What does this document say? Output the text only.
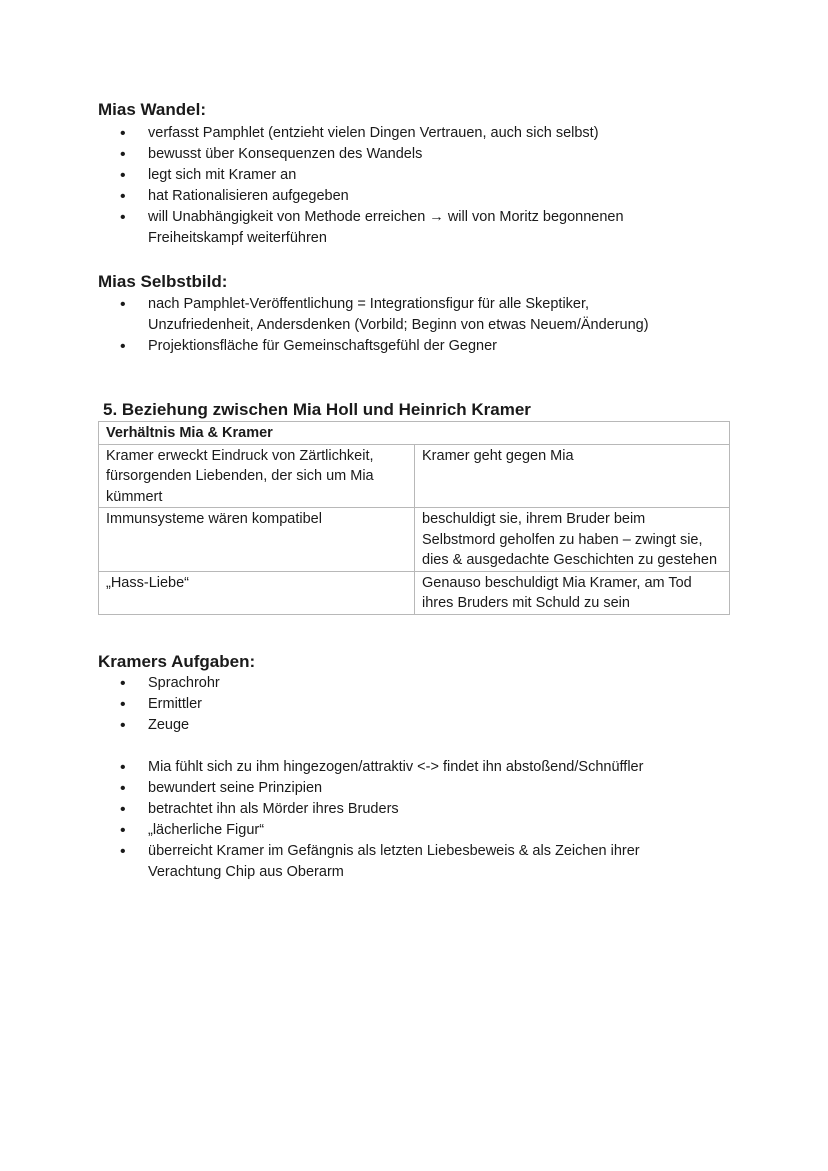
Mias Wandel:
• verfasst Pamphlet (entzieht vielen Dingen Vertrauen, auch sich selbst)
• bewusst über Konsequenzen des Wandels
• legt sich mit Kramer an
• hat Rationalisieren aufgegeben
• will Unabhängigkeit von Methode erreichen → will von Moritz begonnenen Freiheitskampf weiterführen
Mias Selbstbild:
• nach Pamphlet-Veröffentlichung = Integrationsfigur für alle Skeptiker, Unzufriedenheit, Andersdenken (Vorbild; Beginn von etwas Neuem/Änderung)
• Projektionsfläche für Gemeinschaftsgefühl der Gegner
5. Beziehung zwischen Mia Holl und Heinrich Kramer
Verhältnis Mia & Kramer	
Kramer erweckt Eindruck von Zärtlichkeit, fürsorgenden Liebenden, der sich um Mia kümmert	Kramer geht gegen Mia
Immunsysteme wären kompatibel	beschuldigt sie, ihrem Bruder beim Selbstmord geholfen zu haben – zwingt sie, dies & ausgedachte Geschichten zu gestehen
„Hass-Liebe“	Genauso beschuldigt Mia Kramer, am Tod ihres Bruders mit Schuld zu sein
Kramers Aufgaben:
• Sprachrohr
• Ermittler
• Zeuge
• Mia fühlt sich zu ihm hingezogen/attraktiv <-> findet ihn abstoßend/Schnüffler
• bewundert seine Prinzipien
• betrachtet ihn als Mörder ihres Bruders
• „lächerliche Figur“
• überreicht Kramer im Gefängnis als letzten Liebesbeweis & als Zeichen ihrer Verachtung Chip aus Oberarm
